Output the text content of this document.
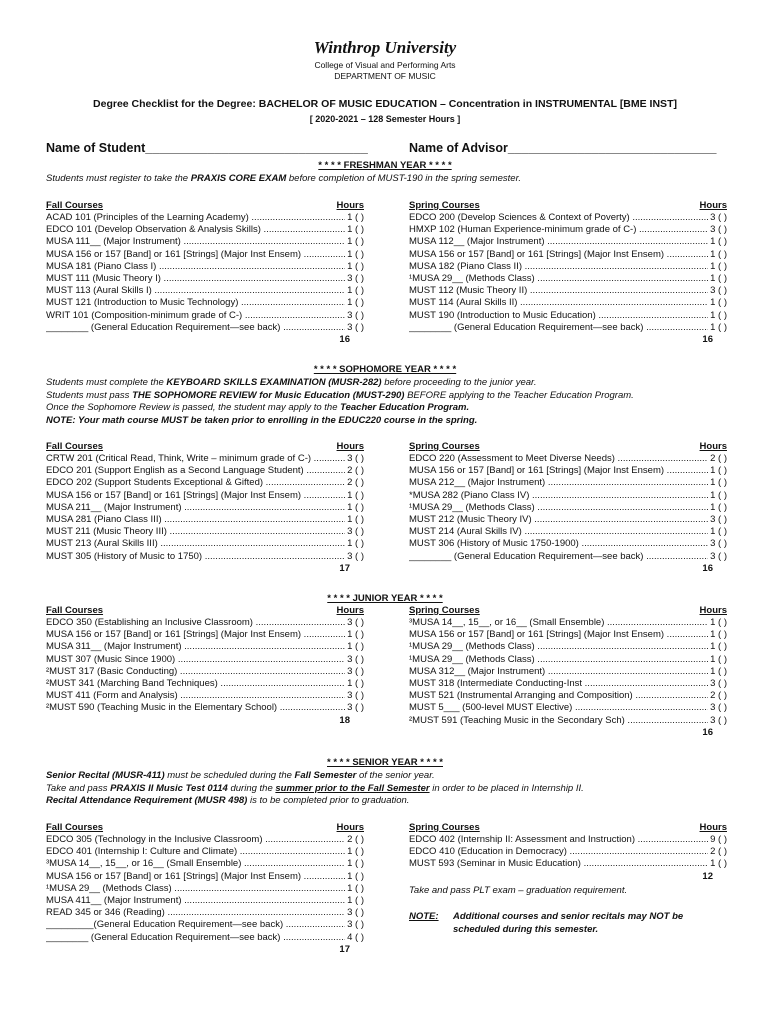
Winthrop University
College of Visual and Performing Arts
DEPARTMENT OF MUSIC
Degree Checklist for the Degree: BACHELOR OF MUSIC EDUCATION – Concentration in INSTRUMENTAL [BME INST]
[ 2020-2021 – 128 Semester Hours ]
Name of Student________________________________	Name of Advisor______________________________
* * * * FRESHMAN YEAR * * * *
Students must register to take the PRAXIS CORE EXAM before completion of MUST-190 in the spring semester.
Fall Courses	Hours
ACAD 101 (Principles of the Learning Academy) .....	1 ( )
EDCO 101 (Develop Observation & Analysis Skills) .....	1 ( )
MUSA 111__ (Major Instrument) .....	1 ( )
MUSA 156 or 157 [Band] or 161 [Strings] (Major Inst Ensem) .....	1 ( )
MUSA 181 (Piano Class I) .....	1 ( )
MUST 111 (Music Theory I) .....	3 ( )
MUST 113 (Aural Skills I) .....	1 ( )
MUST 121 (Introduction to Music Technology) .....	1 ( )
WRIT 101 (Composition-minimum grade of C-) .....	3 ( )
________ (General Education Requirement—see back) .....	3 ( )
16
Spring Courses	Hours
EDCO 200 (Develop Sciences & Context of Poverty) .....	3 ( )
HMXP 102 (Human Experience-minimum grade of C-) .....	3 ( )
MUSA 112__ (Major Instrument) .....	1 ( )
MUSA 156 or 157 [Band] or 161 [Strings] (Major Inst Ensem) .....	1 ( )
MUSA 182 (Piano Class II) .....	1 ( )
¹MUSA 29__ (Methods Class) .....	1 ( )
MUST 112 (Music Theory II) .....	3 ( )
MUST 114 (Aural Skills II) .....	1 ( )
MUST 190 (Introduction to Music Education) .....	1 ( )
________ (General Education Requirement—see back) .....	1 ( )
16
* * * * SOPHOMORE YEAR * * * *
Students must complete the KEYBOARD SKILLS EXAMINATION (MUSR-282) before proceeding to the junior year.
Students must pass THE SOPHOMORE REVIEW for Music Education (MUST-290) BEFORE applying to the Teacher Education Program.
Once the Sophomore Review is passed, the student may apply to the Teacher Education Program.
NOTE: Your math course MUST be taken prior to enrolling in the EDUC220 course in the spring.
Fall Courses	Hours
CRTW 201 (Critical Read, Think, Write – minimum grade of C-) .....	3 ( )
EDCO 201 (Support English as a Second Language Student) .....	2 ( )
EDCO 202 (Support Students Exceptional & Gifted) .....	2 ( )
MUSA 156 or 157 [Band] or 161 [Strings] (Major Inst Ensem) .....	1 ( )
MUSA 211__ (Major Instrument) .....	1 ( )
MUSA 281 (Piano Class III) .....	1 ( )
MUST 211 (Music Theory III) .....	3 ( )
MUST 213 (Aural Skills III) .....	1 ( )
MUST 305 (History of Music to 1750) .....	3 ( )
17
Spring Courses	Hours
EDCO 220 (Assessment to Meet Diverse Needs) .....	2 ( )
MUSA 156 or 157 [Band] or 161 [Strings] (Major Inst Ensem) .....	1 ( )
MUSA 212__ (Major Instrument) .....	1 ( )
*MUSA 282 (Piano Class IV) .....	1 ( )
¹MUSA 29__ (Methods Class) .....	1 ( )
MUST 212 (Music Theory IV) .....	3 ( )
MUST 214 (Aural Skills IV) .....	1 ( )
MUST 306 (History of Music 1750-1900) .....	3 ( )
________ (General Education Requirement—see back) .....	3 ( )
16
* * * * JUNIOR YEAR * * * *
Fall Courses	Hours
EDCO 350 (Establishing an Inclusive Classroom) .....	3 ( )
MUSA 156 or 157 [Band] or 161 [Strings] (Major Inst Ensem) .....	1 ( )
MUSA 311__ (Major Instrument) .....	1 ( )
MUST 307 (Music Since 1900) .....	3 ( )
²MUST 317 (Basic Conducting) .....	3 ( )
²MUST 341 (Marching Band Techniques) .....	1 ( )
MUST 411 (Form and Analysis) .....	3 ( )
²MUST 590 (Teaching Music in the Elementary School) .....	3 ( )
18
Spring Courses	Hours
³MUSA 14__, 15__, or 16__ (Small Ensemble) .....	1 ( )
MUSA 156 or 157 [Band] or 161 [Strings] (Major Inst Ensem) .....	1 ( )
¹MUSA 29__ (Methods Class) .....	1 ( )
¹MUSA 29__ (Methods Class) .....	1 ( )
MUSA 312__ (Major Instrument) .....	1 ( )
MUST 318 (Intermediate Conducting-Inst .....	3 ( )
MUST 521 (Instrumental Arranging and Composition) .....	2 ( )
MUST 5___ (500-level MUST Elective) .....	3 ( )
²MUST 591 (Teaching Music in the Secondary Sch) .....	3 ( )
16
* * * * SENIOR YEAR * * * *
Senior Recital (MUSR-411) must be scheduled during the Fall Semester of the senior year.
Take and pass PRAXIS II Music Test 0114 during the summer prior to the Fall Semester in order to be placed in Internship II.
Recital Attendance Requirement (MUSR 498) is to be completed prior to graduation.
Fall Courses	Hours
EDCO 305 (Technology in the Inclusive Classroom) .....	2 ( )
EDCO 401 (Internship I: Culture and Climate) .....	1 ( )
³MUSA 14__, 15__, or 16__ (Small Ensemble) .....	1 ( )
MUSA 156 or 157 [Band] or 161 [Strings] (Major Inst Ensem) .....	1 ( )
¹MUSA 29__ (Methods Class) .....	1 ( )
MUSA 411__ (Major Instrument) .....	1 ( )
READ 345 or 346 (Reading) .....	3 ( )
_________(General Education Requirement—see back) .....	3 ( )
________ (General Education Requirement—see back) .....	4 ( )
17
Spring Courses	Hours
EDCO 402 (Internship II: Assessment and Instruction) .....	9 ( )
EDCO 410 (Education in Democracy) .....	2 ( )
MUST 593 (Seminar in Music Education) .....	1 ( )
12
Take and pass PLT exam – graduation requirement.
NOTE: Additional courses and senior recitals may NOT be scheduled during this semester.
